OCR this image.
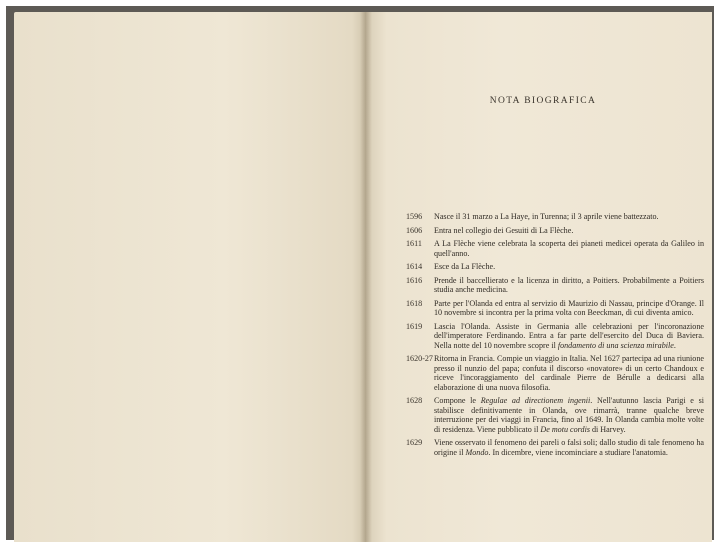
NOTA BIOGRAFICA
1596	Nasce il 31 marzo a La Haye, in Turenna; il 3 aprile viene battezzato.
1606	Entra nel collegio dei Gesuiti di La Flèche.
1611	A La Flèche viene celebrata la scoperta dei pianeti medicei operata da Galileo in quell'anno.
1614	Esce da La Flèche.
1616	Prende il baccellierato e la licenza in diritto, a Poitiers. Probabilmente a Poitiers studia anche medicina.
1618	Parte per l'Olanda ed entra al servizio di Maurizio di Nassau, principe d'Orange. Il 10 novembre si incontra per la prima volta con Beeckman, di cui diventa amico.
1619	Lascia l'Olanda. Assiste in Germania alle celebrazioni per l'incoronazione dell'imperatore Ferdinando. Entra a far parte dell'esercito del Duca di Baviera. Nella notte del 10 novembre scopre il fondamento di una scienza mirabile.
1620-27 Ritorna in Francia. Compie un viaggio in Italia. Nel 1627 partecipa ad una riunione presso il nunzio del papa; confuta il discorso «novatore» di un certo Chandoux e riceve l'incoraggiamento del cardinale Pierre de Bérulle a dedicarsi alla elaborazione di una nuova filosofia.
1628	Compone le Regulae ad directionem ingenii. Nell'autunno lascia Parigi e si stabilisce definitivamente in Olanda, ove rimarrà, tranne qualche breve interruzione per dei viaggi in Francia, fino al 1649. In Olanda cambia molte volte di residenza. Viene pubblicato il De motu cordis di Harvey.
1629	Viene osservato il fenomeno dei pareli o falsi soli; dallo studio di tale fenomeno ha origine il Mondo. In dicembre, viene incominciare a studiare l'anatomia.
